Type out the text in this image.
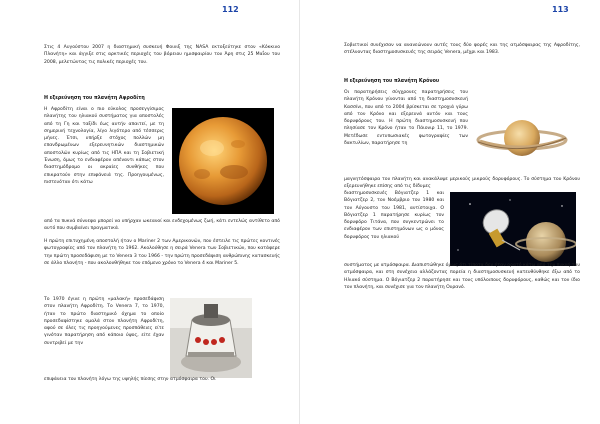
112

Στις 4 Αυγούστου 2007 η διαστημική συσκευή Φοινιξ της NASA εκτοξεύτηκε στον «Κόκκινο Πλανήτη» και άγγιξε στις αρκτικές περιοχές του βόρειου ημισφαιρίου του Άρη στις 25 Μαΐου του 2008, μελετώντας τις πολικές περιοχές του.

Η εξερεύνηση του πλανήτη Αφροδίτη

Η Αφροδίτη είναι ο πιο εύκολος προσεγγίσιμος πλανήτης του ηλιακού συστήματος για αποστολές από τη Γη και ταξίδι έως αυτήν απαιτεί, με τη σημερινή τεχνολογία, λίγο λιγότερο από τέσσερις μήνες. Έτσι, υπήρξε στόχος πολλών μη επανδρωμένων εξερευνητικών διαστημικών αποστολών κυρίως από τις ΗΠΑ και τη Σοβιετική Ένωση, όμως το ενδιαφέρον απέναντι κάπως στον διαστημόδρομο οι ακραίες συνθήκες που επικρατούν στην επιφάνειά της. Προηγουμένως, πιστευόταν ότι κάτω

από τα πυκνά σύννεφα μπορεί να υπήρχαν ωκεανοί και ενδεχομένως ζωή, κάτι εντελώς αντίθετο από αυτό που συμβαίνει πραγματικά.

Η πρώτη επιτυχημένη αποστολή ήταν ο Mariner 2 των Αμερικανών, που έστειλε τις πρώτες κοντινές φωτογραφίες από τον πλανήτη το 1962. Ακολούθησε η σειρά Venera των Σοβιετικών, που κατάφερε την πρώτη προσεδάφιση με το Venera 3 του 1966 - την πρώτη προσεδάφιση ανθρώπινης κατασκευής σε άλλο πλανήτη - που ακολουθήθηκε τον επόμενο χρόνο το Venera 4 και Mariner 5.

Το 1970 έγινε η πρώτη «μαλακή» προσεδάφιση στον πλανήτη Αφροδίτη. Το Venera 7, το 1970, ήταν το πρώτο διαστημικό όχημα το οποίο προσεδαφίστηκε ομαλά στον πλανήτη Αφροδίτη, αφού σε όλες τις προηγούμενες προσπάθειες είτε γινόταν παρατήρηση από κάποιο ύψος, είτε έχαν συντριβεί με την

επιφάνεια του πλανήτη λόγω της υψηλής πίεσης στην ατμόσφαιρα του. Οι

113

Σοβιετικοί συνέχισαν να ανανεώνουν αυτές τους δύο φορές και της ατμόσφαιρας της Αφροδίτης, στέλνοντας διαστημοσυσκευές της σειράς Venera, μέχρι και 1983.

Η εξερεύνηση του πλανήτη Κρόνου

Οι παρατηρήσεις σύγχρονες παρατηρήσεις του πλανήτη Κρόνου γίνονται από τη διαστημοσυσκευή Κασσίνι, που από το 2004 βρίσκεται σε τροχιά γύρω από τον Κρόνο και εξερευνά αυτόν και τους δορυφόρους του. Η πρώτη διαστημοσυσκευή που πλησίασε τον Κρόνο ήταν το Πάιονιρ 11, το 1979. Μετέδωσε εντυπωσιακές φωτογραφίες των δακτυλίων, παρατήρησε τη

μαγνητόσφαιρα του πλανήτη και ανακάλυψε μερικούς μικρούς δορυφόρους. Το σύστημα του Κρόνου εξερευνήθηκε επίσης από τις δίδυμες

διαστημοσυσκευές Βόγιατζερ 1 και Βόγιατζερ 2, τον Νοέμβριο του 1980 και τον Αύγουστο του 1981, αντίστοιχα. Ο Βόγιατζερ 1 παρατήρησε κυρίως τον δορυφόρο Τιτάνα, που συγκεντρώνει το ενδιαφέρον των επιστημόνων ως ο μόνος δορυφόρος του ηλιακού

συστήματος με ατμόσφαιρα. Διαπιστώθηκε όμως ότι τίποτα δεν ήταν ορατό κάτω από την πυκνή του ατμόσφαιρα, και στη συνέχεια αλλάζοντας πορεία η διαστημοσυσκευή κατευθύνθηκε έξω από το Ηλιακό σύστημα. Ο Βόγιατζερ 2 παρατήρησε και τους υπόλοιπους δορυφόρους, καθώς και τον ίδιο τον πλανήτη, και συνέχισε για τον πλανήτη Ουρανό.
